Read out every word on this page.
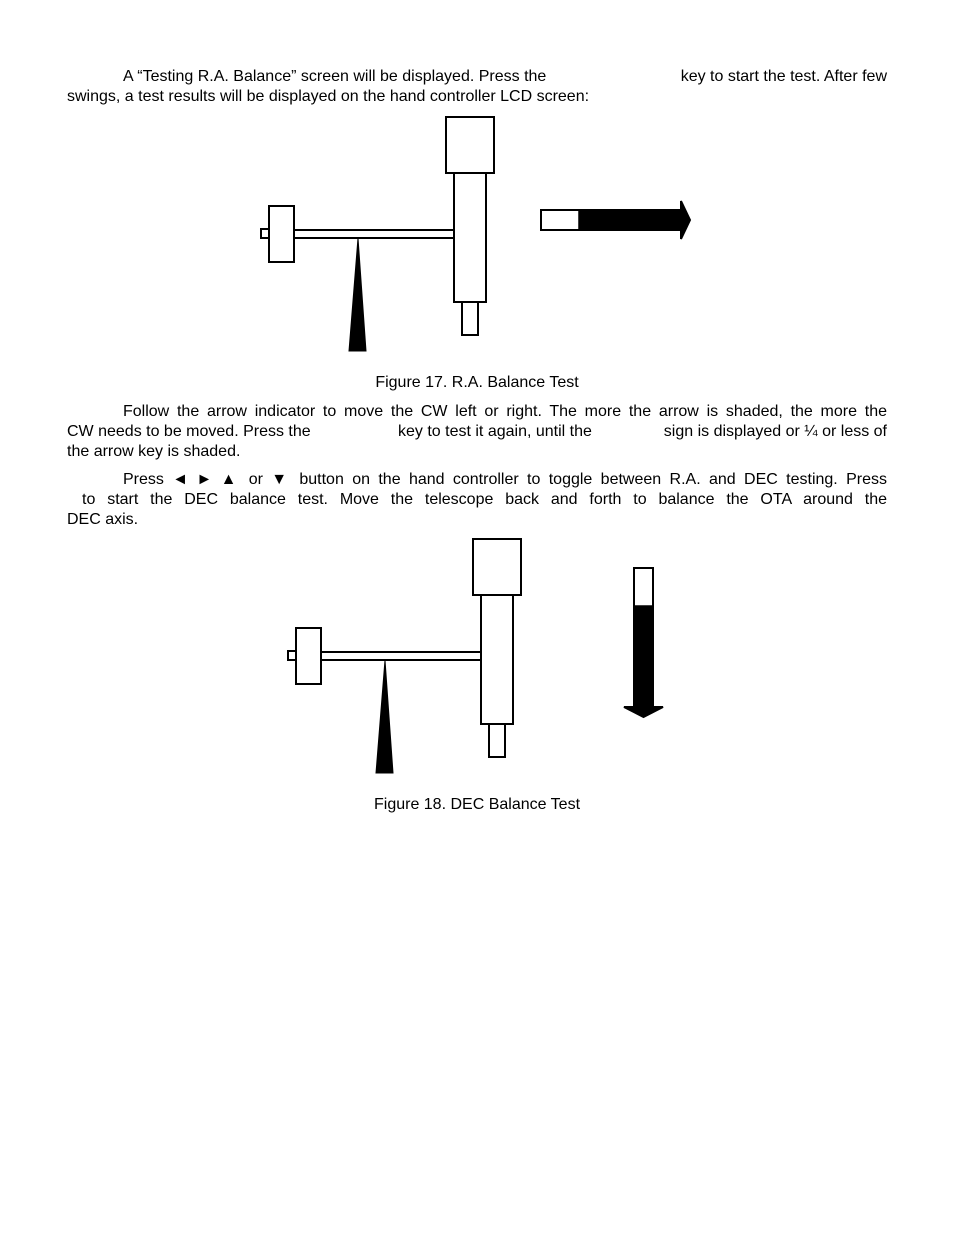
A “Testing R.A. Balance” screen will be displayed. Press the	key to start the test. After few
swings, a test results will be displayed on the hand controller LCD screen:
Figure 17. R.A. Balance Test
Follow the arrow indicator to move the CW left or right. The more the arrow is shaded, the more the
CW needs to be moved. Press the	key to test it again, until the	sign is displayed or ¼ or less of
the arrow key is shaded.
Press ◄ ► ▲ or ▼ button on the hand controller to toggle between R.A. and DEC testing. Press
to start the DEC balance test. Move the telescope back and forth to balance the OTA around the
DEC axis.
Figure 18. DEC Balance Test
